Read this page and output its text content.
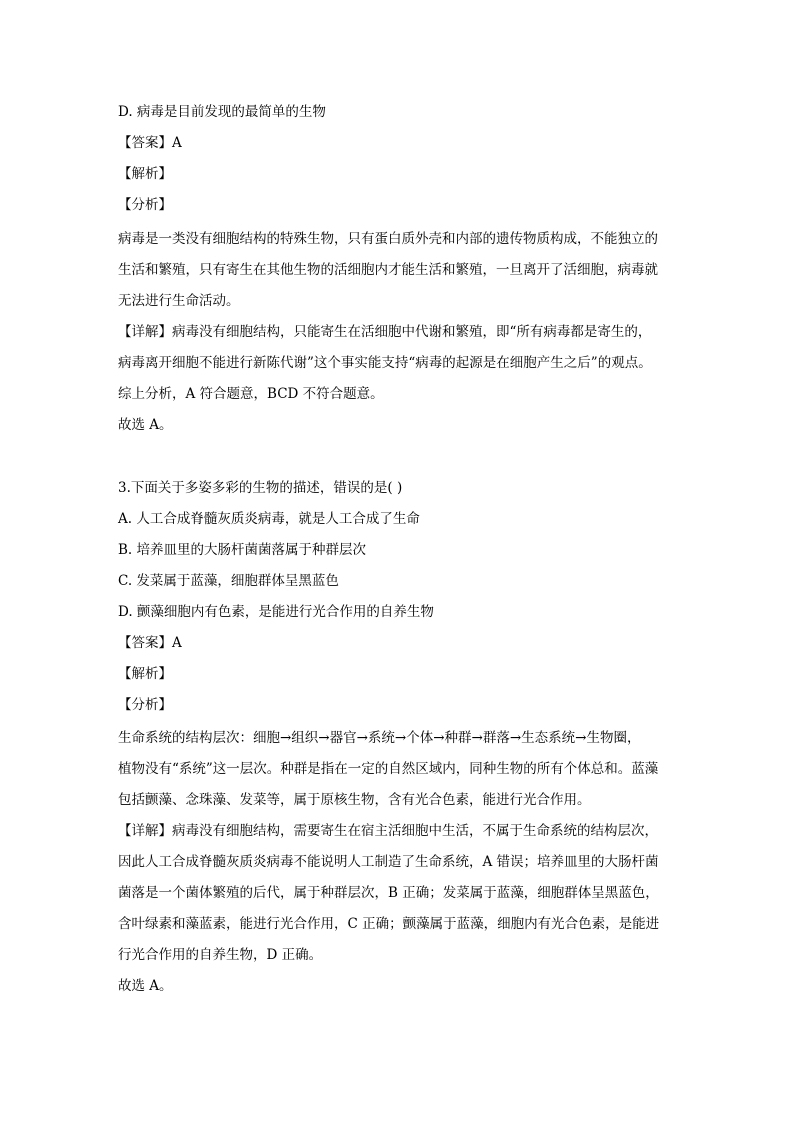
D. 病毒是目前发现的最简单的生物
【答案】A
【解析】
【分析】
病毒是一类没有细胞结构的特殊生物，只有蛋白质外壳和内部的遗传物质构成，不能独立的
生活和繁殖，只有寄生在其他生物的活细胞内才能生活和繁殖，一旦离开了活细胞，病毒就
无法进行生命活动。
【详解】病毒没有细胞结构，只能寄生在活细胞中代谢和繁殖，即“所有病毒都是寄生的，
病毒离开细胞不能进行新陈代谢”这个事实能支持“病毒的起源是在细胞产生之后”的观点。
综上分析，A 符合题意，BCD 不符合题意。
故选 A。
3.下面关于多姿多彩的生物的描述，错误的是( )
A. 人工合成脊髓灰质炎病毒，就是人工合成了生命
B. 培养皿里的大肠杆菌菌落属于种群层次
C. 发菜属于蓝藻，细胞群体呈黑蓝色
D. 颤藻细胞内有色素，是能进行光合作用的自养生物
【答案】A
【解析】
【分析】
生命系统的结构层次：细胞→组织→器官→系统→个体→种群→群落→生态系统→生物圈，
植物没有“系统”这一层次。种群是指在一定的自然区域内，同种生物的所有个体总和。蓝藻
包括颤藻、念珠藻、发菜等，属于原核生物，含有光合色素，能进行光合作用。
【详解】病毒没有细胞结构，需要寄生在宿主活细胞中生活，不属于生命系统的结构层次，
因此人工合成脊髓灰质炎病毒不能说明人工制造了生命系统，A 错误；培养皿里的大肠杆菌
菌落是一个菌体繁殖的后代，属于种群层次，B 正确；发菜属于蓝藻，细胞群体呈黑蓝色，
含叶绿素和藻蓝素，能进行光合作用，C 正确；颤藻属于蓝藻，细胞内有光合色素，是能进
行光合作用的自养生物，D 正确。
故选 A。
